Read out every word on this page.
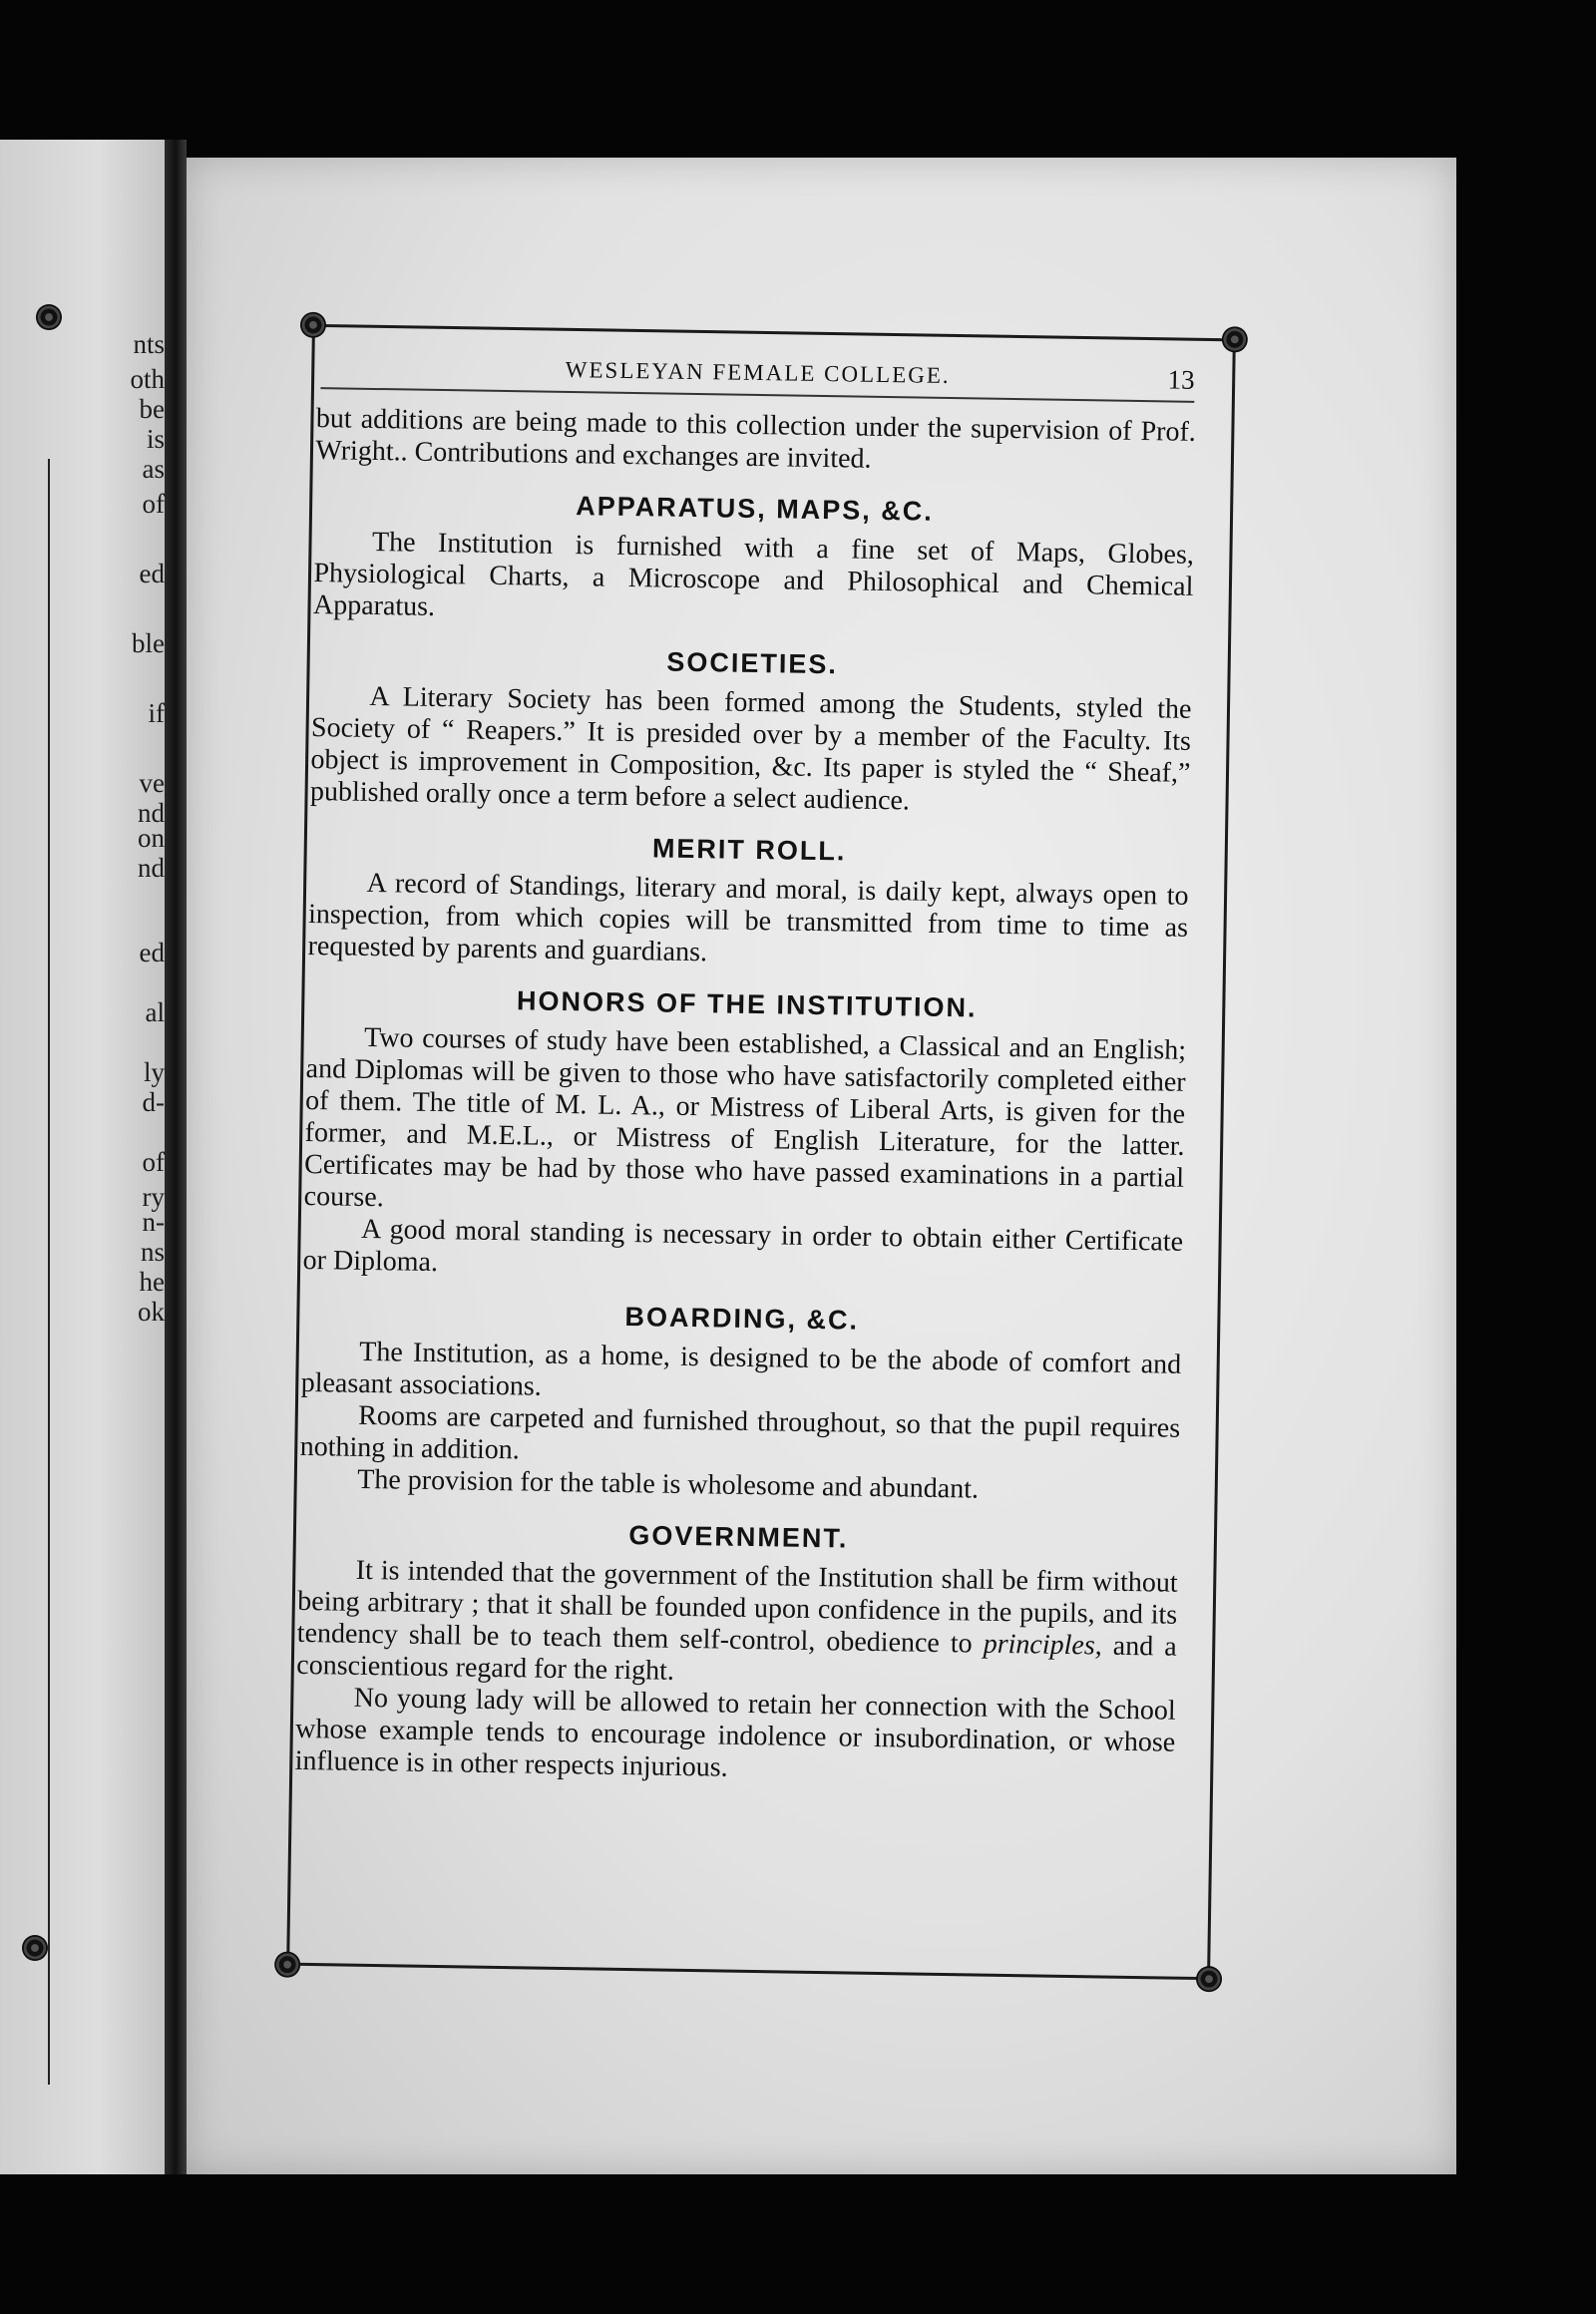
nts

oth

be

is

as

of

ed

ble

if

ve

nd

on

nd

ed

al

ly

d-

of

ry

n-

ns

he

ok

WESLEYAN FEMALE COLLEGE.	13

but additions are being made to this collection under the supervision of Prof. Wright.. Contributions and exchanges are invited.

APPARATUS, MAPS, &C.

The Institution is furnished with a fine set of Maps, Globes, Physiological Charts, a Microscope and Philosophical and Chemical Apparatus.

SOCIETIES.

A Literary Society has been formed among the Students, styled the Society of “ Reapers.” It is presided over by a member of the Faculty. Its object is improvement in Composition, &c. Its paper is styled the “ Sheaf,” published orally once a term before a select audience.

MERIT ROLL.

A record of Standings, literary and moral, is daily kept, always open to inspection, from which copies will be transmitted from time to time as requested by parents and guardians.

HONORS OF THE INSTITUTION.

Two courses of study have been established, a Classical and an English; and Diplomas will be given to those who have satisfactorily completed either of them. The title of M. L. A., or Mistress of Liberal Arts, is given for the former, and M.E.L., or Mistress of English Literature, for the latter. Certificates may be had by those who have passed examinations in a partial course.

A good moral standing is necessary in order to obtain either Certificate or Diploma.

BOARDING, &C.

The Institution, as a home, is designed to be the abode of comfort and pleasant associations.

Rooms are carpeted and furnished throughout, so that the pupil requires nothing in addition.

The provision for the table is wholesome and abundant.

GOVERNMENT.

It is intended that the government of the Institution shall be firm without being arbitrary ; that it shall be founded upon confidence in the pupils, and its tendency shall be to teach them self-control, obedience to principles, and a conscientious regard for the right.

No young lady will be allowed to retain her connection with the School whose example tends to encourage indolence or insubordination, or whose influence is in other respects injurious.
